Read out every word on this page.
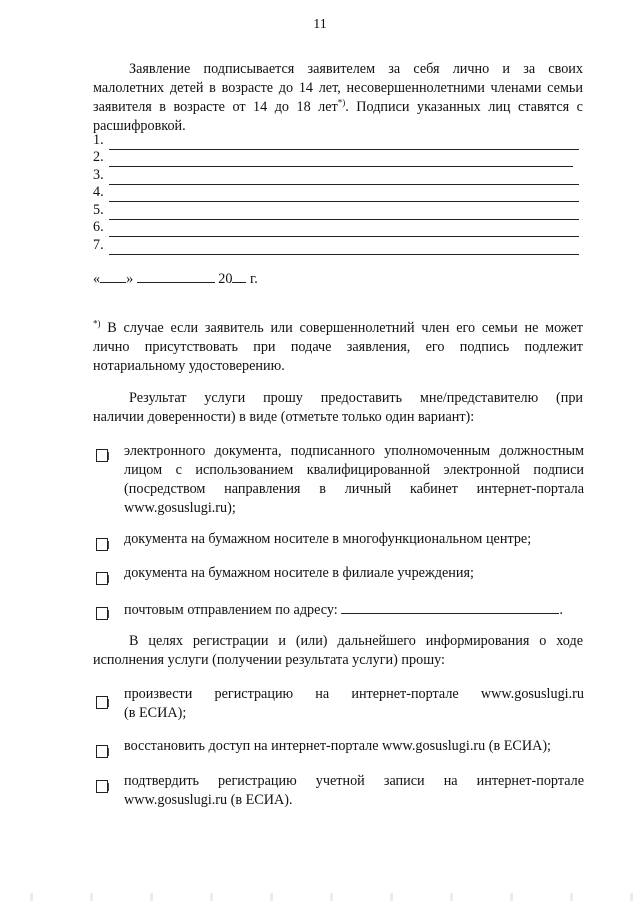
11
Заявление подписывается заявителем за себя лично и за своих
малолетних детей в возрасте до 14 лет, несовершеннолетними членами семьи
заявителя в возрасте от 14 до 18 лет*). Подписи указанных лиц ставятся с
расшифровкой.
1.
2.
3.
4.
5.
6.
7.
« »	20 г.
*) В случае если заявитель или совершеннолетний член его семьи не может
лично присутствовать при подаче заявления, его подпись подлежит
нотариальному удостоверению.
Результат услуги прошу предоставить мне/представителю (при
наличии доверенности) в виде (отметьте только один вариант):
электронного документа, подписанного уполномоченным должностным
лицом с использованием квалифицированной электронной подписи
(посредством направления в личный кабинет интернет-портала
www.gosuslugi.ru);
документа на бумажном носителе в многофункциональном центре;
документа на бумажном носителе в филиале учреждения;
почтовым отправлением по адресу:	.
В целях регистрации и (или) дальнейшего информирования о ходе
исполнения услуги (получении результата услуги) прошу:
произвести регистрацию на интернет-портале www.gosuslugi.ru
(в ЕСИА);
восстановить доступ на интернет-портале www.gosuslugi.ru (в ЕСИА);
подтвердить регистрацию учетной записи на интернет-портале
www.gosuslugi.ru (в ЕСИА).
